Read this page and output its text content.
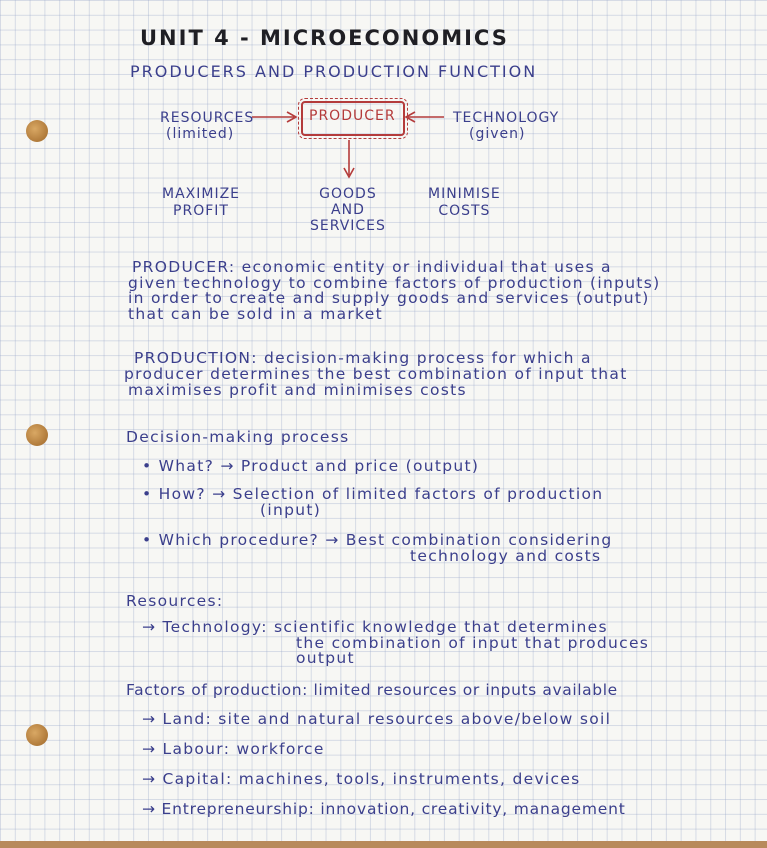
UNIT 4 - MICROECONOMICS
PRODUCERS AND PRODUCTION FUNCTION
RESOURCES
(limited)
PRODUCER	TECHNOLOGY
(given)
MAXIMIZE
PROFIT
GOODS
AND
SERVICES
MINIMISE
COSTS
PRODUCER: economic entity or individual that uses a
given technology to combine factors of production (inputs)
in order to create and supply goods and services (output)
that can be sold in a market
PRODUCTION: decision-making process for which a
producer determines the best combination of input that
maximises profit and minimises costs
Decision-making process
• What? → Product and price (output)
• How? → Selection of limited factors of production
(input)
• Which procedure? → Best combination considering
technology and costs
Resources:
→ Technology: scientific knowledge that determines
the combination of input that produces
output
Factors of production: limited resources or inputs available
→ Land: site and natural resources above/below soil
→ Labour: workforce
→ Capital: machines, tools, instruments, devices
→ Entrepreneurship: innovation, creativity, management
